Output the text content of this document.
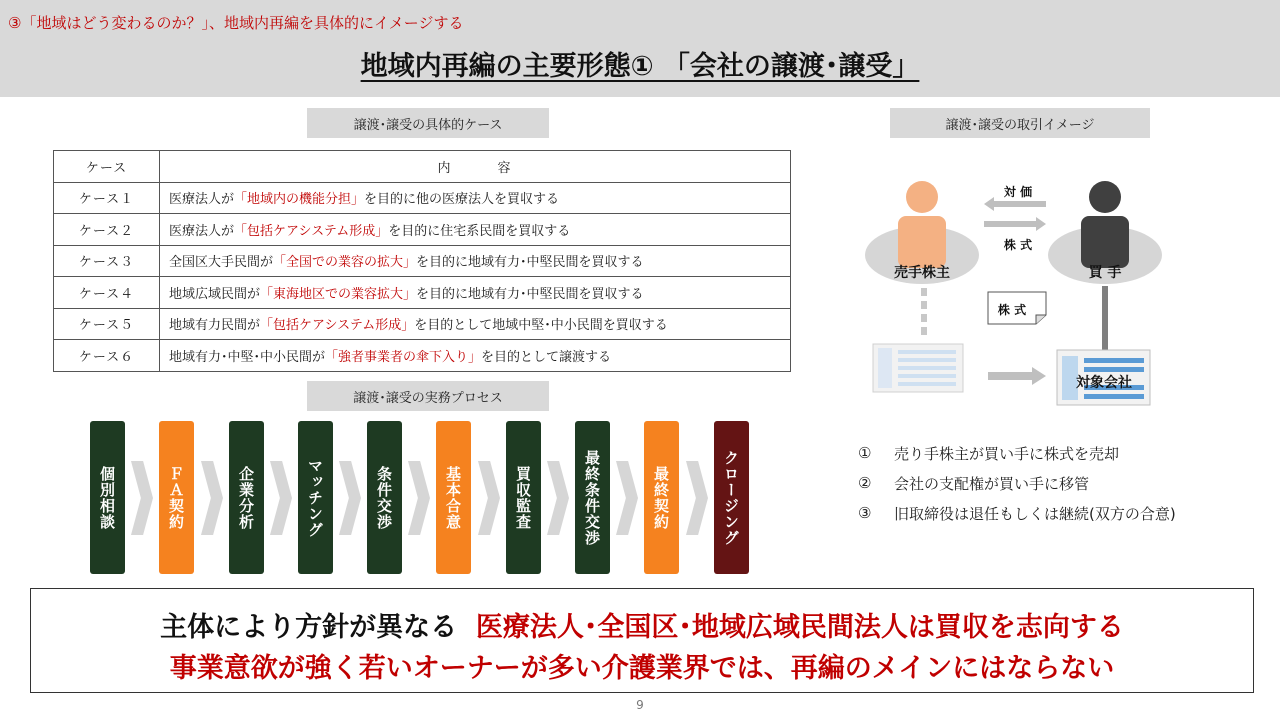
③「地域はどう変わるのか？」、地域内再編を具体的にイメージする
地域内再編の主要形態① 「会社の譲渡･譲受」
譲渡･譲受の具体的ケース
ケース	内　　　容
ケース１	医療法人が「地域内の機能分担」を目的に他の医療法人を買収する
ケース２	医療法人が「包括ケアシステム形成」を目的に住宅系民間を買収する
ケース３	全国区大手民間が「全国での業容の拡大」を目的に地域有力･中堅民間を買収する
ケース４	地域広域民間が「東海地区での業容拡大」を目的に地域有力･中堅民間を買収する
ケース５	地域有力民間が「包括ケアシステム形成」を目的として地域中堅･中小民間を買収する
ケース６	地域有力･中堅･中小民間が「強者事業者の傘下入り」を目的として譲渡する
譲渡･譲受の実務プロセス
個別相談	ＦＡ契約	企業分析	マッチング	条件交渉	基本合意	買収監査	最終条件交渉	最終契約	クロージング
譲渡･譲受の取引イメージ
売手株主	買 手
対 価
株 式
株 式
対象会社
①	売り手株主が買い手に株式を売却
②	会社の支配権が買い手に移管
③	旧取締役は退任もしくは継続(双方の合意)
主体により方針が異なる 医療法人･全国区･地域広域民間法人は買収を志向する
事業意欲が強く若いオーナーが多い介護業界では、再編のメインにはならない
9
